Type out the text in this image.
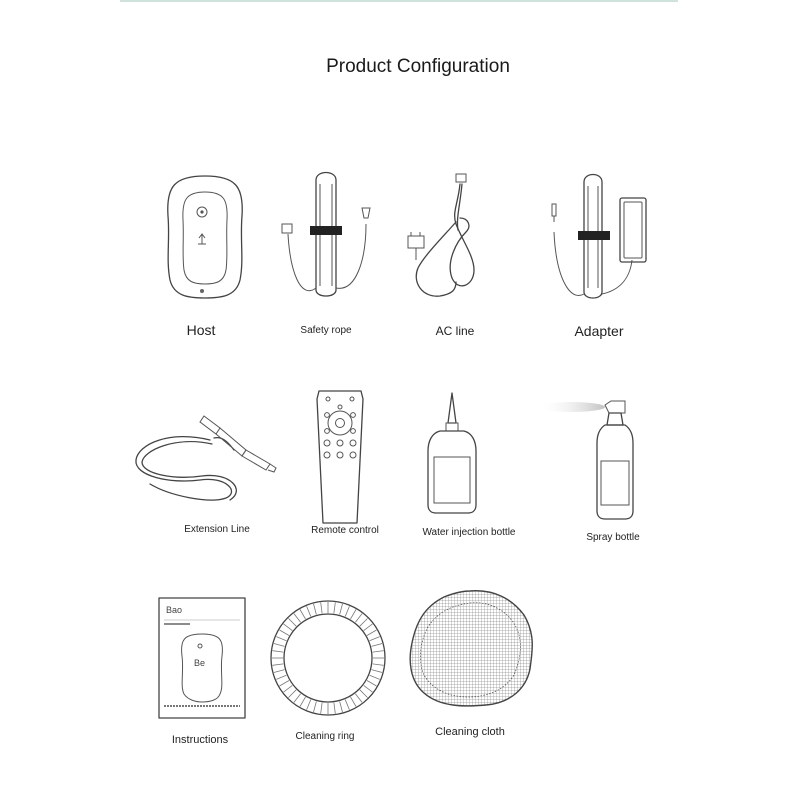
Product Configuration
Host	Safety rope	AC line	Adapter
Extension Line	Remote control	Water injection bottle	Spray bottle
Bao
Be
Instructions	Cleaning ring	Cleaning cloth
